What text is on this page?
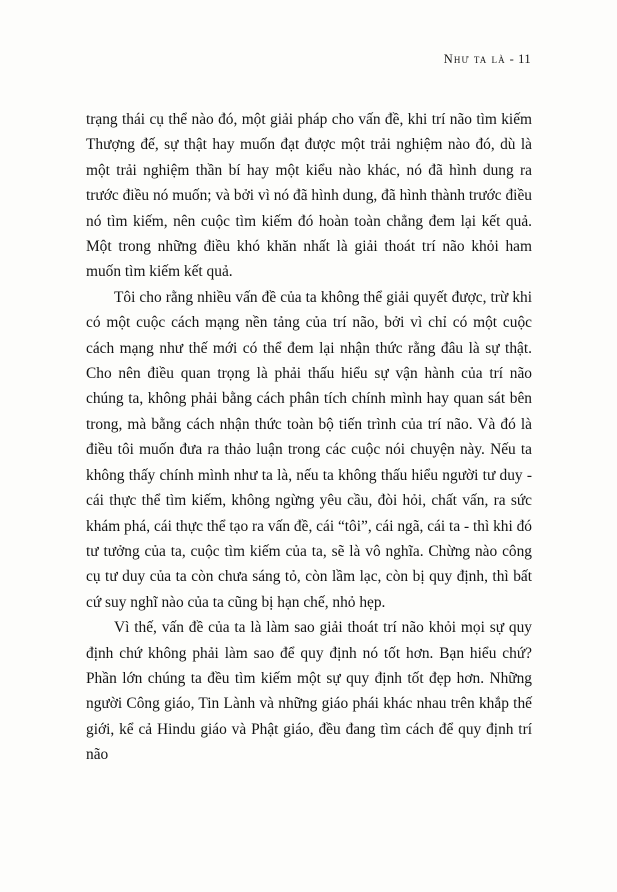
Như ta là - 11

trạng thái cụ thể nào đó, một giải pháp cho vấn đề, khi trí não tìm kiếm Thượng đế, sự thật hay muốn đạt được một trải nghiệm nào đó, dù là một trải nghiệm thần bí hay một kiểu nào khác, nó đã hình dung ra trước điều nó muốn; và bởi vì nó đã hình dung, đã hình thành trước điều nó tìm kiếm, nên cuộc tìm kiếm đó hoàn toàn chẳng đem lại kết quả. Một trong những điều khó khăn nhất là giải thoát trí não khỏi ham muốn tìm kiếm kết quả.

Tôi cho rằng nhiều vấn đề của ta không thể giải quyết được, trừ khi có một cuộc cách mạng nền tảng của trí não, bởi vì chỉ có một cuộc cách mạng như thế mới có thể đem lại nhận thức rằng đâu là sự thật. Cho nên điều quan trọng là phải thấu hiểu sự vận hành của trí não chúng ta, không phải bằng cách phân tích chính mình hay quan sát bên trong, mà bằng cách nhận thức toàn bộ tiến trình của trí não. Và đó là điều tôi muốn đưa ra thảo luận trong các cuộc nói chuyện này. Nếu ta không thấy chính mình như ta là, nếu ta không thấu hiểu người tư duy - cái thực thể tìm kiếm, không ngừng yêu cầu, đòi hỏi, chất vấn, ra sức khám phá, cái thực thể tạo ra vấn đề, cái “tôi”, cái ngã, cái ta - thì khi đó tư tưởng của ta, cuộc tìm kiếm của ta, sẽ là vô nghĩa. Chừng nào công cụ tư duy của ta còn chưa sáng tỏ, còn lầm lạc, còn bị quy định, thì bất cứ suy nghĩ nào của ta cũng bị hạn chế, nhỏ hẹp.

Vì thế, vấn đề của ta là làm sao giải thoát trí não khỏi mọi sự quy định chứ không phải làm sao để quy định nó tốt hơn. Bạn hiểu chứ? Phần lớn chúng ta đều tìm kiếm một sự quy định tốt đẹp hơn. Những người Công giáo, Tin Lành và những giáo phái khác nhau trên khắp thế giới, kể cả Hindu giáo và Phật giáo, đều đang tìm cách để quy định trí não
